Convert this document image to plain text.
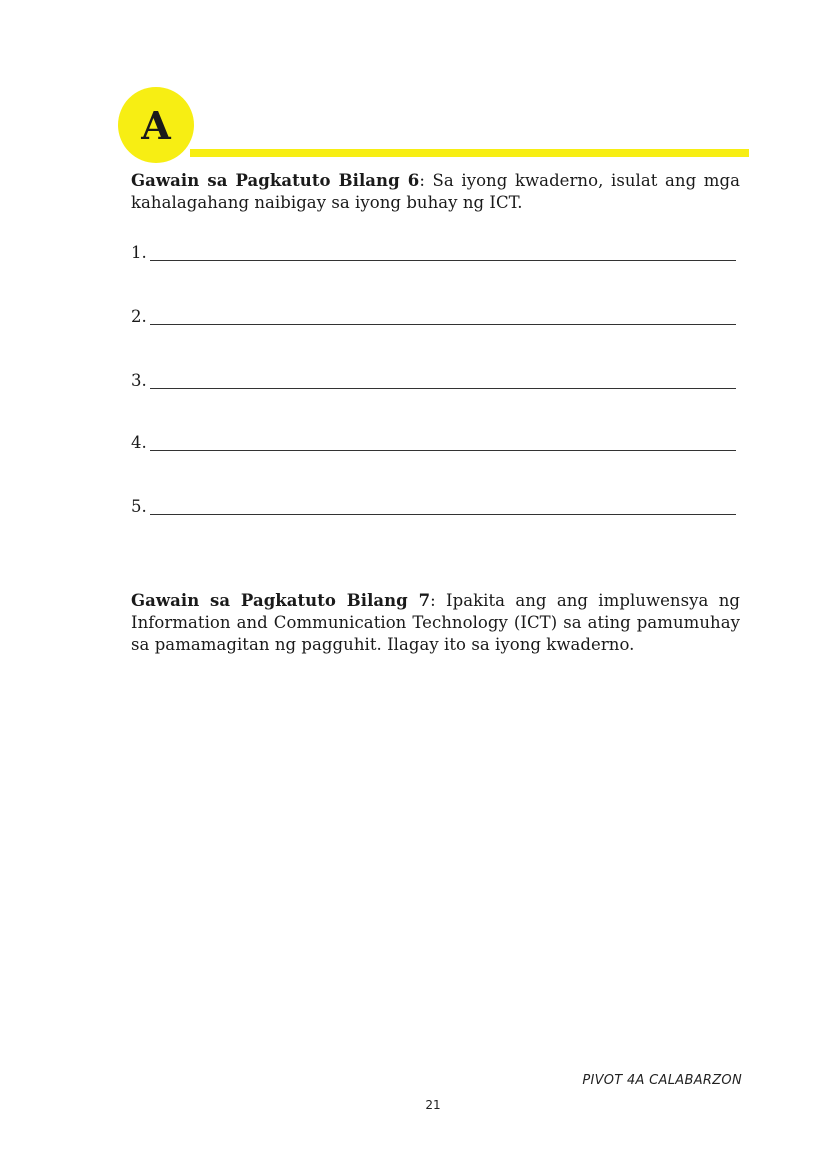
A
Gawain sa Pagkatuto Bilang 6: Sa iyong kwaderno, isulat ang mga kahalagahang naibigay sa iyong buhay ng ICT.
1.
2.
3.
4.
5.
Gawain sa Pagkatuto Bilang 7: Ipakita ang ang impluwensya ng Information and Communication Technology (ICT) sa ating pamumuhay sa pamamagitan ng pagguhit. Ilagay ito sa iyong kwaderno.
PIVOT 4A CALABARZON
21
